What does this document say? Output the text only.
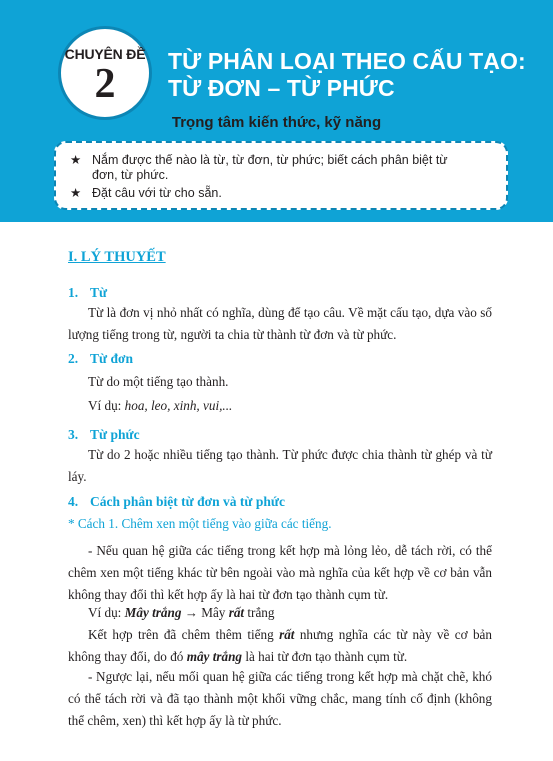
CHUYÊN ĐỀ
2	TỪ PHÂN LOẠI THEO CẤU TẠO:
TỪ ĐƠN – TỪ PHỨC
Trọng tâm kiến thức, kỹ năng
★ Nắm được thế nào là từ, từ đơn, từ phức; biết cách phân biệt từ đơn, từ phức.
★ Đặt câu với từ cho sẵn.
I. LÝ THUYẾT
1. Từ
Từ là đơn vị nhỏ nhất có nghĩa, dùng để tạo câu. Về mặt cấu tạo, dựa vào số lượng tiếng trong từ, người ta chia từ thành từ đơn và từ phức.
2. Từ đơn
Từ do một tiếng tạo thành.
Ví dụ: hoa, leo, xinh, vui,...
3. Từ phức
Từ do 2 hoặc nhiều tiếng tạo thành. Từ phức được chia thành từ ghép và từ láy.
4. Cách phân biệt từ đơn và từ phức
* Cách 1. Chêm xen một tiếng vào giữa các tiếng.
- Nếu quan hệ giữa các tiếng trong kết hợp mà lỏng lẻo, dễ tách rời, có thể chêm xen một tiếng khác từ bên ngoài vào mà nghĩa của kết hợp về cơ bản vẫn không thay đổi thì kết hợp ấy là hai từ đơn tạo thành cụm từ.
Ví dụ: Mây trắng → Mây rất trắng
Kết hợp trên đã chêm thêm tiếng rất nhưng nghĩa các từ này về cơ bản không thay đổi, do đó mây trắng là hai từ đơn tạo thành cụm từ.
- Ngược lại, nếu mối quan hệ giữa các tiếng trong kết hợp mà chặt chẽ, khó có thể tách rời và đã tạo thành một khối vững chắc, mang tính cố định (không thể chêm, xen) thì kết hợp ấy là từ phức.
